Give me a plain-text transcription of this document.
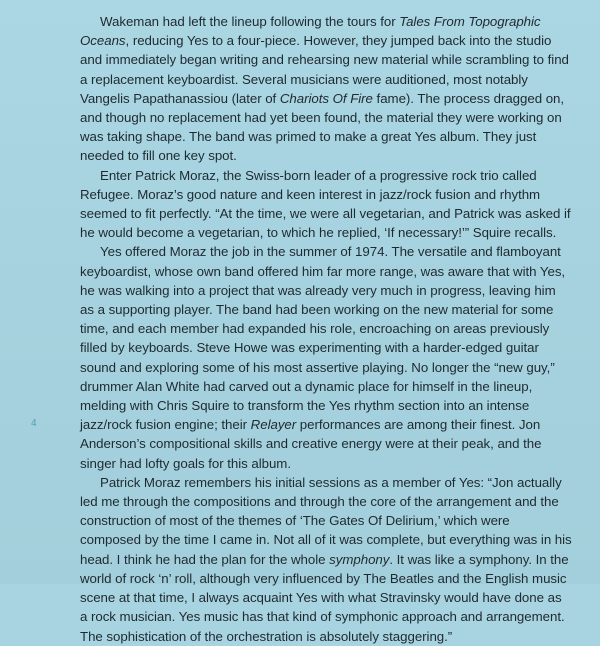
4

Wakeman had left the lineup following the tours for Tales From Topographic Oceans, reducing Yes to a four-piece. However, they jumped back into the studio and immediately began writing and rehearsing new material while scrambling to find a replacement keyboardist. Several musicians were auditioned, most notably Vangelis Papathanassiou (later of Chariots Of Fire fame). The process dragged on, and though no replacement had yet been found, the material they were working on was taking shape. The band was primed to make a great Yes album. They just needed to fill one key spot.

Enter Patrick Moraz, the Swiss-born leader of a progressive rock trio called Refugee. Moraz’s good nature and keen interest in jazz/rock fusion and rhythm seemed to fit perfectly. “At the time, we were all vegetarian, and Patrick was asked if he would become a vegetarian, to which he replied, ‘If necessary!’” Squire recalls.

Yes offered Moraz the job in the summer of 1974. The versatile and flamboyant keyboardist, whose own band offered him far more range, was aware that with Yes, he was walking into a project that was already very much in progress, leaving him as a supporting player. The band had been working on the new material for some time, and each member had expanded his role, encroaching on areas previously filled by keyboards. Steve Howe was experimenting with a harder-edged guitar sound and exploring some of his most assertive playing. No longer the “new guy,” drummer Alan White had carved out a dynamic place for himself in the lineup, melding with Chris Squire to transform the Yes rhythm section into an intense jazz/rock fusion engine; their Relayer performances are among their finest. Jon Anderson’s compositional skills and creative energy were at their peak, and the singer had lofty goals for this album.

Patrick Moraz remembers his initial sessions as a member of Yes: “Jon actually led me through the compositions and through the core of the arrangement and the construction of most of the themes of ‘The Gates Of Delirium,’ which were composed by the time I came in. Not all of it was complete, but everything was in his head. I think he had the plan for the whole symphony. It was like a symphony. In the world of rock ‘n’ roll, although very influenced by The Beatles and the English music scene at that time, I always acquaint Yes with what Stravinsky would have done as a rock musician. Yes music has that kind of symphonic approach and arrangement. The sophistication of the orchestration is absolutely staggering.”
